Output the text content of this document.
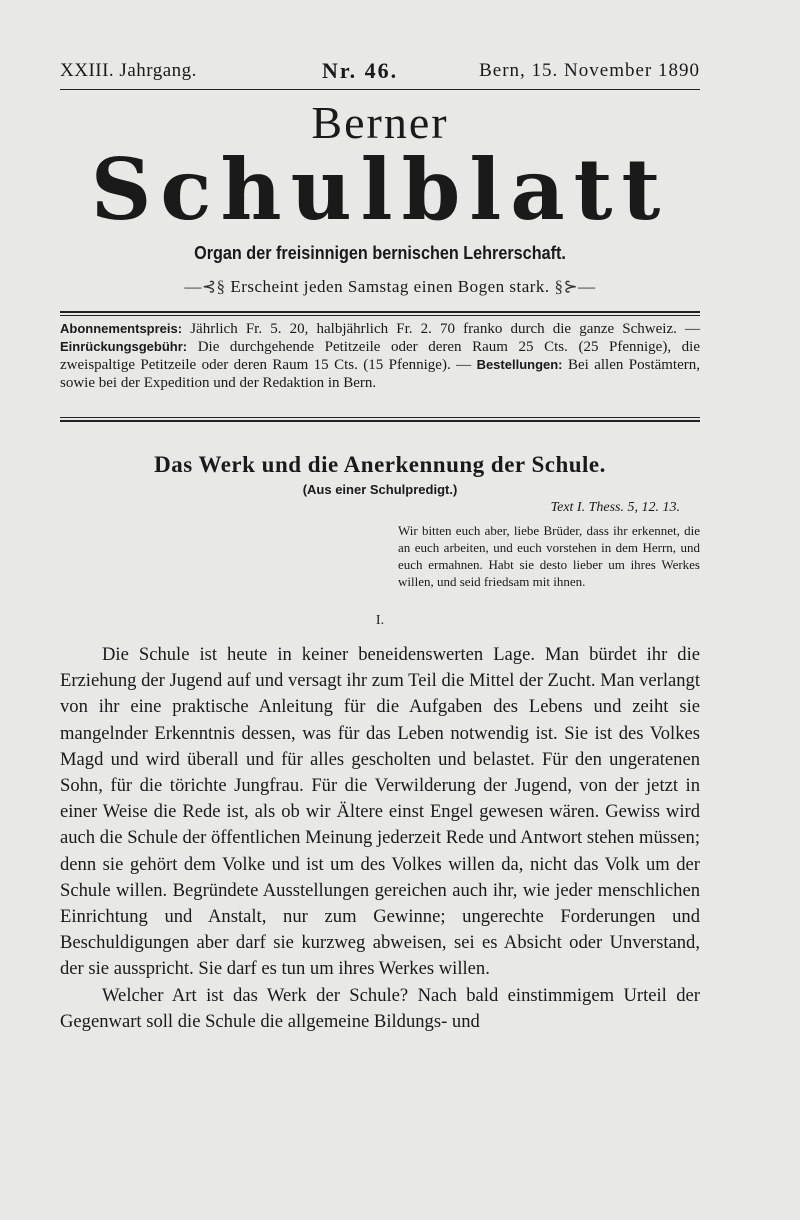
XXIII. Jahrgang.	Nr. 46.	Bern, 15. November 1890
Berner
Schulblatt
Organ der freisinnigen bernischen Lehrerschaft.
—⊰§ Erscheint jeden Samstag einen Bogen stark. §⊱—
Abonnementspreis: Jährlich Fr. 5. 20, halbjährlich Fr. 2. 70 franko durch die ganze Schweiz. — Einrückungsgebühr: Die durchgehende Petitzeile oder deren Raum 25 Cts. (25 Pfennige), die zweispaltige Petitzeile oder deren Raum 15 Cts. (15 Pfennige). — Bestellungen: Bei allen Postämtern, sowie bei der Expedition und der Redaktion in Bern.
Das Werk und die Anerkennung der Schule.
(Aus einer Schulpredigt.)
Text I. Thess. 5, 12. 13.
Wir bitten euch aber, liebe Brüder, dass ihr erkennet, die an euch arbeiten, und euch vorstehen in dem Herrn, und euch ermahnen. Habt sie desto lieber um ihres Werkes willen, und seid friedsam mit ihnen.
I.

Die Schule ist heute in keiner beneidenswerten Lage. Man bürdet ihr die Erziehung der Jugend auf und versagt ihr zum Teil die Mittel der Zucht. Man verlangt von ihr eine praktische Anleitung für die Aufgaben des Lebens und zeiht sie mangelnder Erkenntnis dessen, was für das Leben notwendig ist. Sie ist des Volkes Magd und wird überall und für alles gescholten und belastet. Für den ungeratenen Sohn, für die törichte Jungfrau. Für die Verwilderung der Jugend, von der jetzt in einer Weise die Rede ist, als ob wir Ältere einst Engel gewesen wären. Gewiss wird auch die Schule der öffentlichen Meinung jederzeit Rede und Antwort stehen müssen; denn sie gehört dem Volke und ist um des Volkes willen da, nicht das Volk um der Schule willen. Begründete Ausstellungen gereichen auch ihr, wie jeder menschlichen Einrichtung und Anstalt, nur zum Gewinne; ungerechte Forderungen und Beschuldigungen aber darf sie kurzweg abweisen, sei es Absicht oder Unverstand, der sie ausspricht. Sie darf es tun um ihres Werkes willen.

Welcher Art ist das Werk der Schule? Nach bald einstimmigem Urteil der Gegenwart soll die Schule die allgemeine Bildungs- und
